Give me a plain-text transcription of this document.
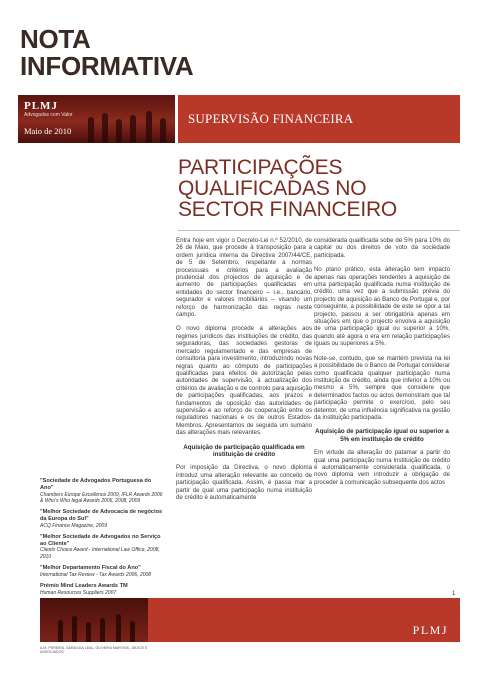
NOTA
INFORMATIVA
PLMJ
Advogados com Valor
Maio de 2010
SUPERVISÃO FINANCEIRA
PARTICIPAÇÕES
QUALIFICADAS NO
SECTOR FINANCEIRO

Entra hoje em vigor o Decreto-Lei n.º 52/2010, de 26 de Maio, que procede à transposição para a ordem jurídica interna da Directiva 2007/44/CE, de 5 de Setembro, respeitante a normas processuais e critérios para a avaliação prudencial dos projectos de aquisição e de aumento de participações qualificadas em entidades do sector financeiro – i.e., bancário, segurador e valores mobiliários – visando um reforço de harmonização das regras neste campo.

O novo diploma procede a alterações aos regimes jurídicos das instituições de crédito, das seguradoras, das sociedades gestoras de mercado regulamentado e das empresas de consultoria para investimento, introduzindo novas regras quanto ao cômputo de participações qualificadas para efeitos de autorização pelas autoridades de supervisão, à actualização dos critérios de avaliação e de controlo para aquisição de participações qualificadas, aos prazos e fundamentos de oposição das autoridades de supervisão e ao reforço de cooperação entre os reguladores nacionais e os de outros Estados-Membros. Apresentamos de seguida um sumário das alterações mais relevantes.

Aquisição de participação qualificada em instituição de crédito

Por imposição da Directiva, o novo diploma introduz uma alteração relevante ao conceito de participação qualificada. Assim, é passa mar a partir de qual uma participação numa instituição de crédito é automaticamente

considerada qualificada sobe de 5% para 10% do capital ou dos direitos de voto da sociedade participada.

No plano prático, esta alteração tem impacto apenas nas operações tendentes à aquisição de uma participação qualificada numa instituição de crédito, uma vez que a submissão prévia do projecto de aquisição ao Banco de Portugal e, por conseguinte, a possibilidade de este se opor a tal projecto, passou a ser obrigatória apenas em situações em que o projecto envolva a aquisição de uma participação igual ou superior a 10%, quando até agora o era em relação participações iguais ou superiores a 5%.

Note-se, contudo, que se mantém prevista na lei a possibilidade de o Banco de Portugal considerar como qualificada qualquer participação numa instituição de crédito, ainda que inferior a 10% ou mesmo a 5%, sempre que considere que determinados factos ou actos demonstram que tal participação permite o exercício, pelo seu detentor, de uma influência significativa na gestão da instituição participada.

Aquisição de participação igual ou superior a 5% em instituição de crédito

Em virtude da alteração do patamar a partir do qual uma participação numa instituição de crédito é automaticamente considerada qualificada, o novo diploma vem introduzir a obrigação de proceder à comunicação subsequente dos actos

"Sociedade de Advogados Portuguesa do Ano"
Chambers Europe Excellence 2009, IFLR Awards 2006 & Who's Who legal Awards 2006, 2008, 2009
"Melhor Sociedade de Advocacia de negócios da Europa do Sul"
ACQ Finance Magazine, 2009
"Melhor Sociedade de Advogados no Serviço ao Cliente"
Clients Choice Award - International Law Office, 2008, 2010
"Melhor Departamento Fiscal do Ano"
International Tax Review - Tax Awards 2006, 2008
Prémio Mind Leaders Awards TM
Human Resources Suppliers 2007	1
PLMJ
A.M. PEREIRA, SÁRAGGA LEAL, OLIVEIRA MARTINS, JÚDICE E ASSOCIADOS
